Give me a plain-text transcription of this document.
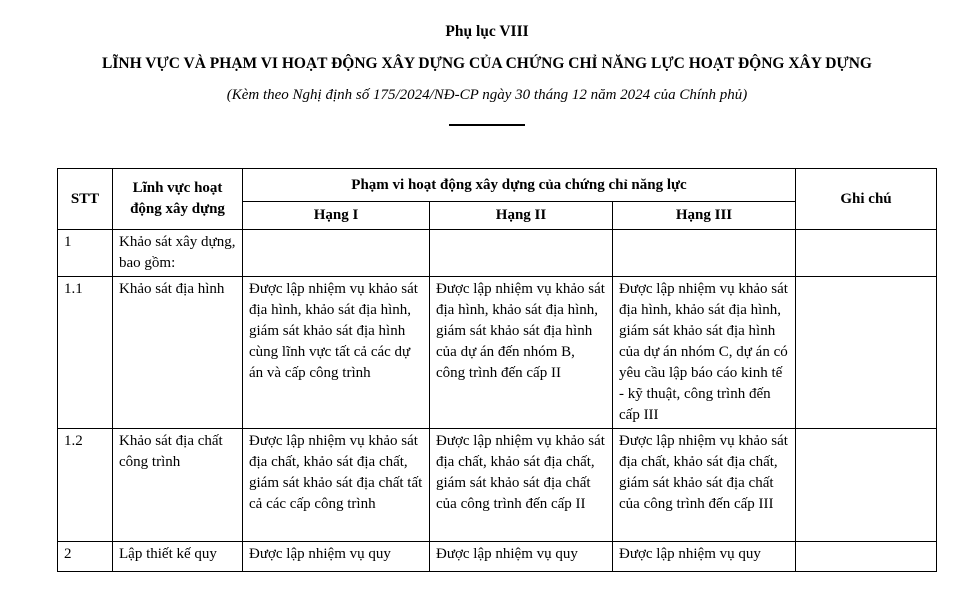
Phụ lục VIII
LĨNH VỰC VÀ PHẠM VI HOẠT ĐỘNG XÂY DỰNG CỦA CHỨNG CHỈ NĂNG LỰC HOẠT ĐỘNG XÂY DỰNG
(Kèm theo Nghị định số 175/2024/NĐ-CP ngày 30 tháng 12 năm 2024 của Chính phủ)
STT	Lĩnh vực hoạt động xây dựng	Phạm vi hoạt động xây dựng của chứng chỉ năng lực			Ghi chú
		Hạng I	Hạng II	Hạng III	
1	Khảo sát xây dựng, bao gồm:				
1.1	Khảo sát địa hình	Được lập nhiệm vụ khảo sát địa hình, khảo sát địa hình, giám sát khảo sát địa hình cùng lĩnh vực tất cả các dự án và cấp công trình	Được lập nhiệm vụ khảo sát địa hình, khảo sát địa hình, giám sát khảo sát địa hình của dự án đến nhóm B, công trình đến cấp II	Được lập nhiệm vụ khảo sát địa hình, khảo sát địa hình, giám sát khảo sát địa hình của dự án nhóm C, dự án có yêu cầu lập báo cáo kinh tế - kỹ thuật, công trình đến cấp III	
1.2	Khảo sát địa chất công trình	Được lập nhiệm vụ khảo sát địa chất, khảo sát địa chất, giám sát khảo sát địa chất tất cả các cấp công trình	Được lập nhiệm vụ khảo sát địa chất, khảo sát địa chất, giám sát khảo sát địa chất của công trình đến cấp II	Được lập nhiệm vụ khảo sát địa chất, khảo sát địa chất, giám sát khảo sát địa chất của công trình đến cấp III	
2	Lập thiết kế quy	Được lập nhiệm vụ quy	Được lập nhiệm vụ quy	Được lập nhiệm vụ quy	
